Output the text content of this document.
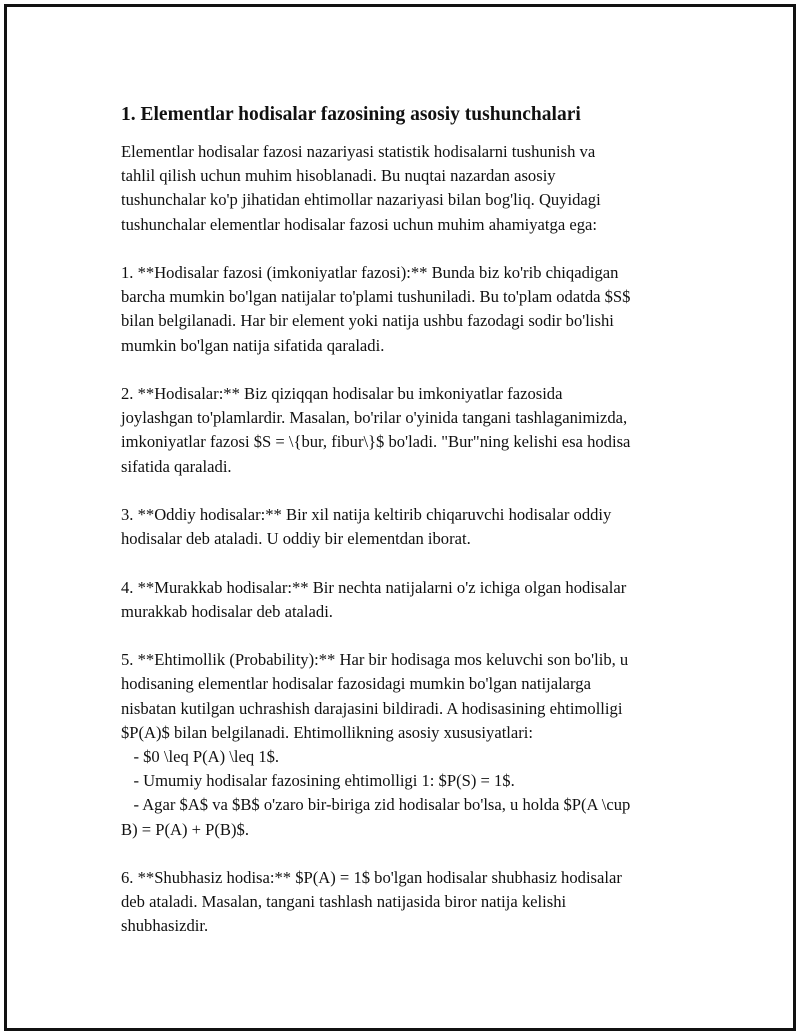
1. Elementlar hodisalar fazosining asosiy tushunchalari

Elementlar hodisalar fazosi nazariyasi statistik hodisalarni tushunish va
tahlil qilish uchun muhim hisoblanadi. Bu nuqtai nazardan asosiy
tushunchalar ko'p jihatidan ehtimollar nazariyasi bilan bog'liq. Quyidagi
tushunchalar elementlar hodisalar fazosi uchun muhim ahamiyatga ega:

1. **Hodisalar fazosi (imkoniyatlar fazosi):** Bunda biz ko'rib chiqadigan
barcha mumkin bo'lgan natijalar to'plami tushuniladi. Bu to'plam odatda $S$
bilan belgilanadi. Har bir element yoki natija ushbu fazodagi sodir bo'lishi
mumkin bo'lgan natija sifatida qaraladi.

2. **Hodisalar:** Biz qiziqqan hodisalar bu imkoniyatlar fazosida
joylashgan to'plamlardir. Masalan, bo'rilar o'yinida tangani tashlaganimizda,
imkoniyatlar fazosi $S = \{bur, fibur\}$ bo'ladi. "Bur"ning kelishi esa hodisa
sifatida qaraladi.

3. **Oddiy hodisalar:** Bir xil natija keltirib chiqaruvchi hodisalar oddiy
hodisalar deb ataladi. U oddiy bir elementdan iborat.

4. **Murakkab hodisalar:** Bir nechta natijalarni o'z ichiga olgan hodisalar
murakkab hodisalar deb ataladi.

5. **Ehtimollik (Probability):** Har bir hodisaga mos keluvchi son bo'lib, u
hodisaning elementlar hodisalar fazosidagi mumkin bo'lgan natijalarga
nisbatan kutilgan uchrashish darajasini bildiradi. A hodisasining ehtimolligi
$P(A)$ bilan belgilanadi. Ehtimollikning asosiy xususiyatlari:
- $0 \leq P(A) \leq 1$.
- Umumiy hodisalar fazosining ehtimolligi 1: $P(S) = 1$.
- Agar $A$ va $B$ o'zaro bir-biriga zid hodisalar bo'lsa, u holda $P(A \cup
B) = P(A) + P(B)$.

6. **Shubhasiz hodisa:** $P(A) = 1$ bo'lgan hodisalar shubhasiz hodisalar
deb ataladi. Masalan, tangani tashlash natijasida biror natija kelishi
shubhasizdir.
